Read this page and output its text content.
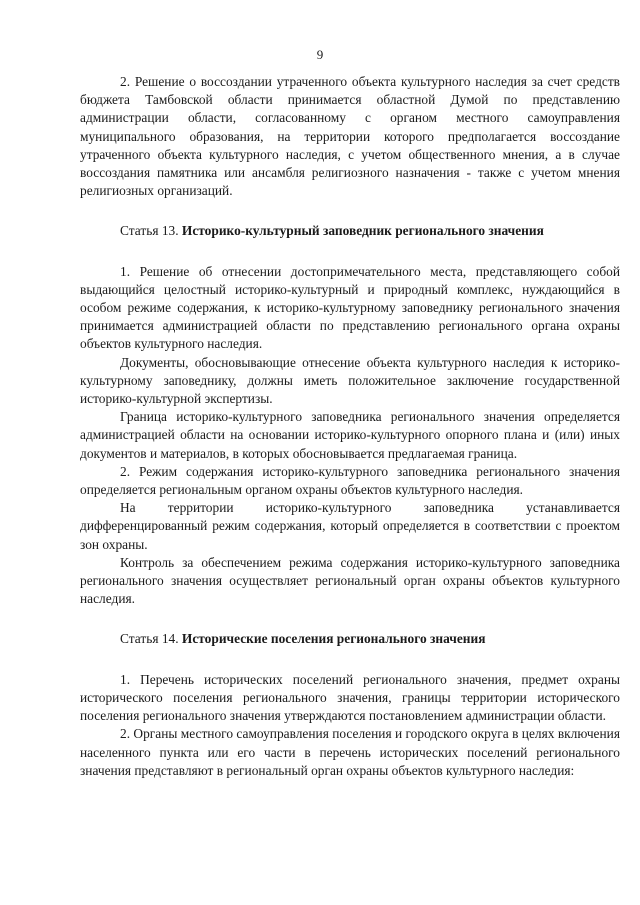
9

2. Решение о воссоздании утраченного объекта культурного наследия за счет средств бюджета Тамбовской области принимается областной Думой по представлению администрации области, согласованному с органом местного самоуправления муниципального образования, на территории которого предполагается воссоздание утраченного объекта культурного наследия, с учетом общественного мнения, а в случае воссоздания памятника или ансамбля религиозного назначения - также с учетом мнения религиозных организаций.

Статья 13. Историко-культурный заповедник регионального значения

1. Решение об отнесении достопримечательного места, представляющего собой выдающийся целостный историко-культурный и природный комплекс, нуждающийся в особом режиме содержания, к историко-культурному заповеднику регионального значения принимается администрацией области по представлению регионального органа охраны объектов культурного наследия.

Документы, обосновывающие отнесение объекта культурного наследия к историко-культурному заповеднику, должны иметь положительное заключение государственной историко-культурной экспертизы.

Граница историко-культурного заповедника регионального значения определяется администрацией области на основании историко-культурного опорного плана и (или) иных документов и материалов, в которых обосновывается предлагаемая граница.

2. Режим содержания историко-культурного заповедника регионального значения определяется региональным органом охраны объектов культурного наследия.

На территории историко-культурного заповедника устанавливается дифференцированный режим содержания, который определяется в соответствии с проектом зон охраны.

Контроль за обеспечением режима содержания историко-культурного заповедника регионального значения осуществляет региональный орган охраны объектов культурного наследия.

Статья 14. Исторические поселения регионального значения

1. Перечень исторических поселений регионального значения, предмет охраны исторического поселения регионального значения, границы территории исторического поселения регионального значения утверждаются постановлением администрации области.

2. Органы местного самоуправления поселения и городского округа в целях включения населенного пункта или его части в перечень исторических поселений регионального значения представляют в региональный орган охраны объектов культурного наследия:
